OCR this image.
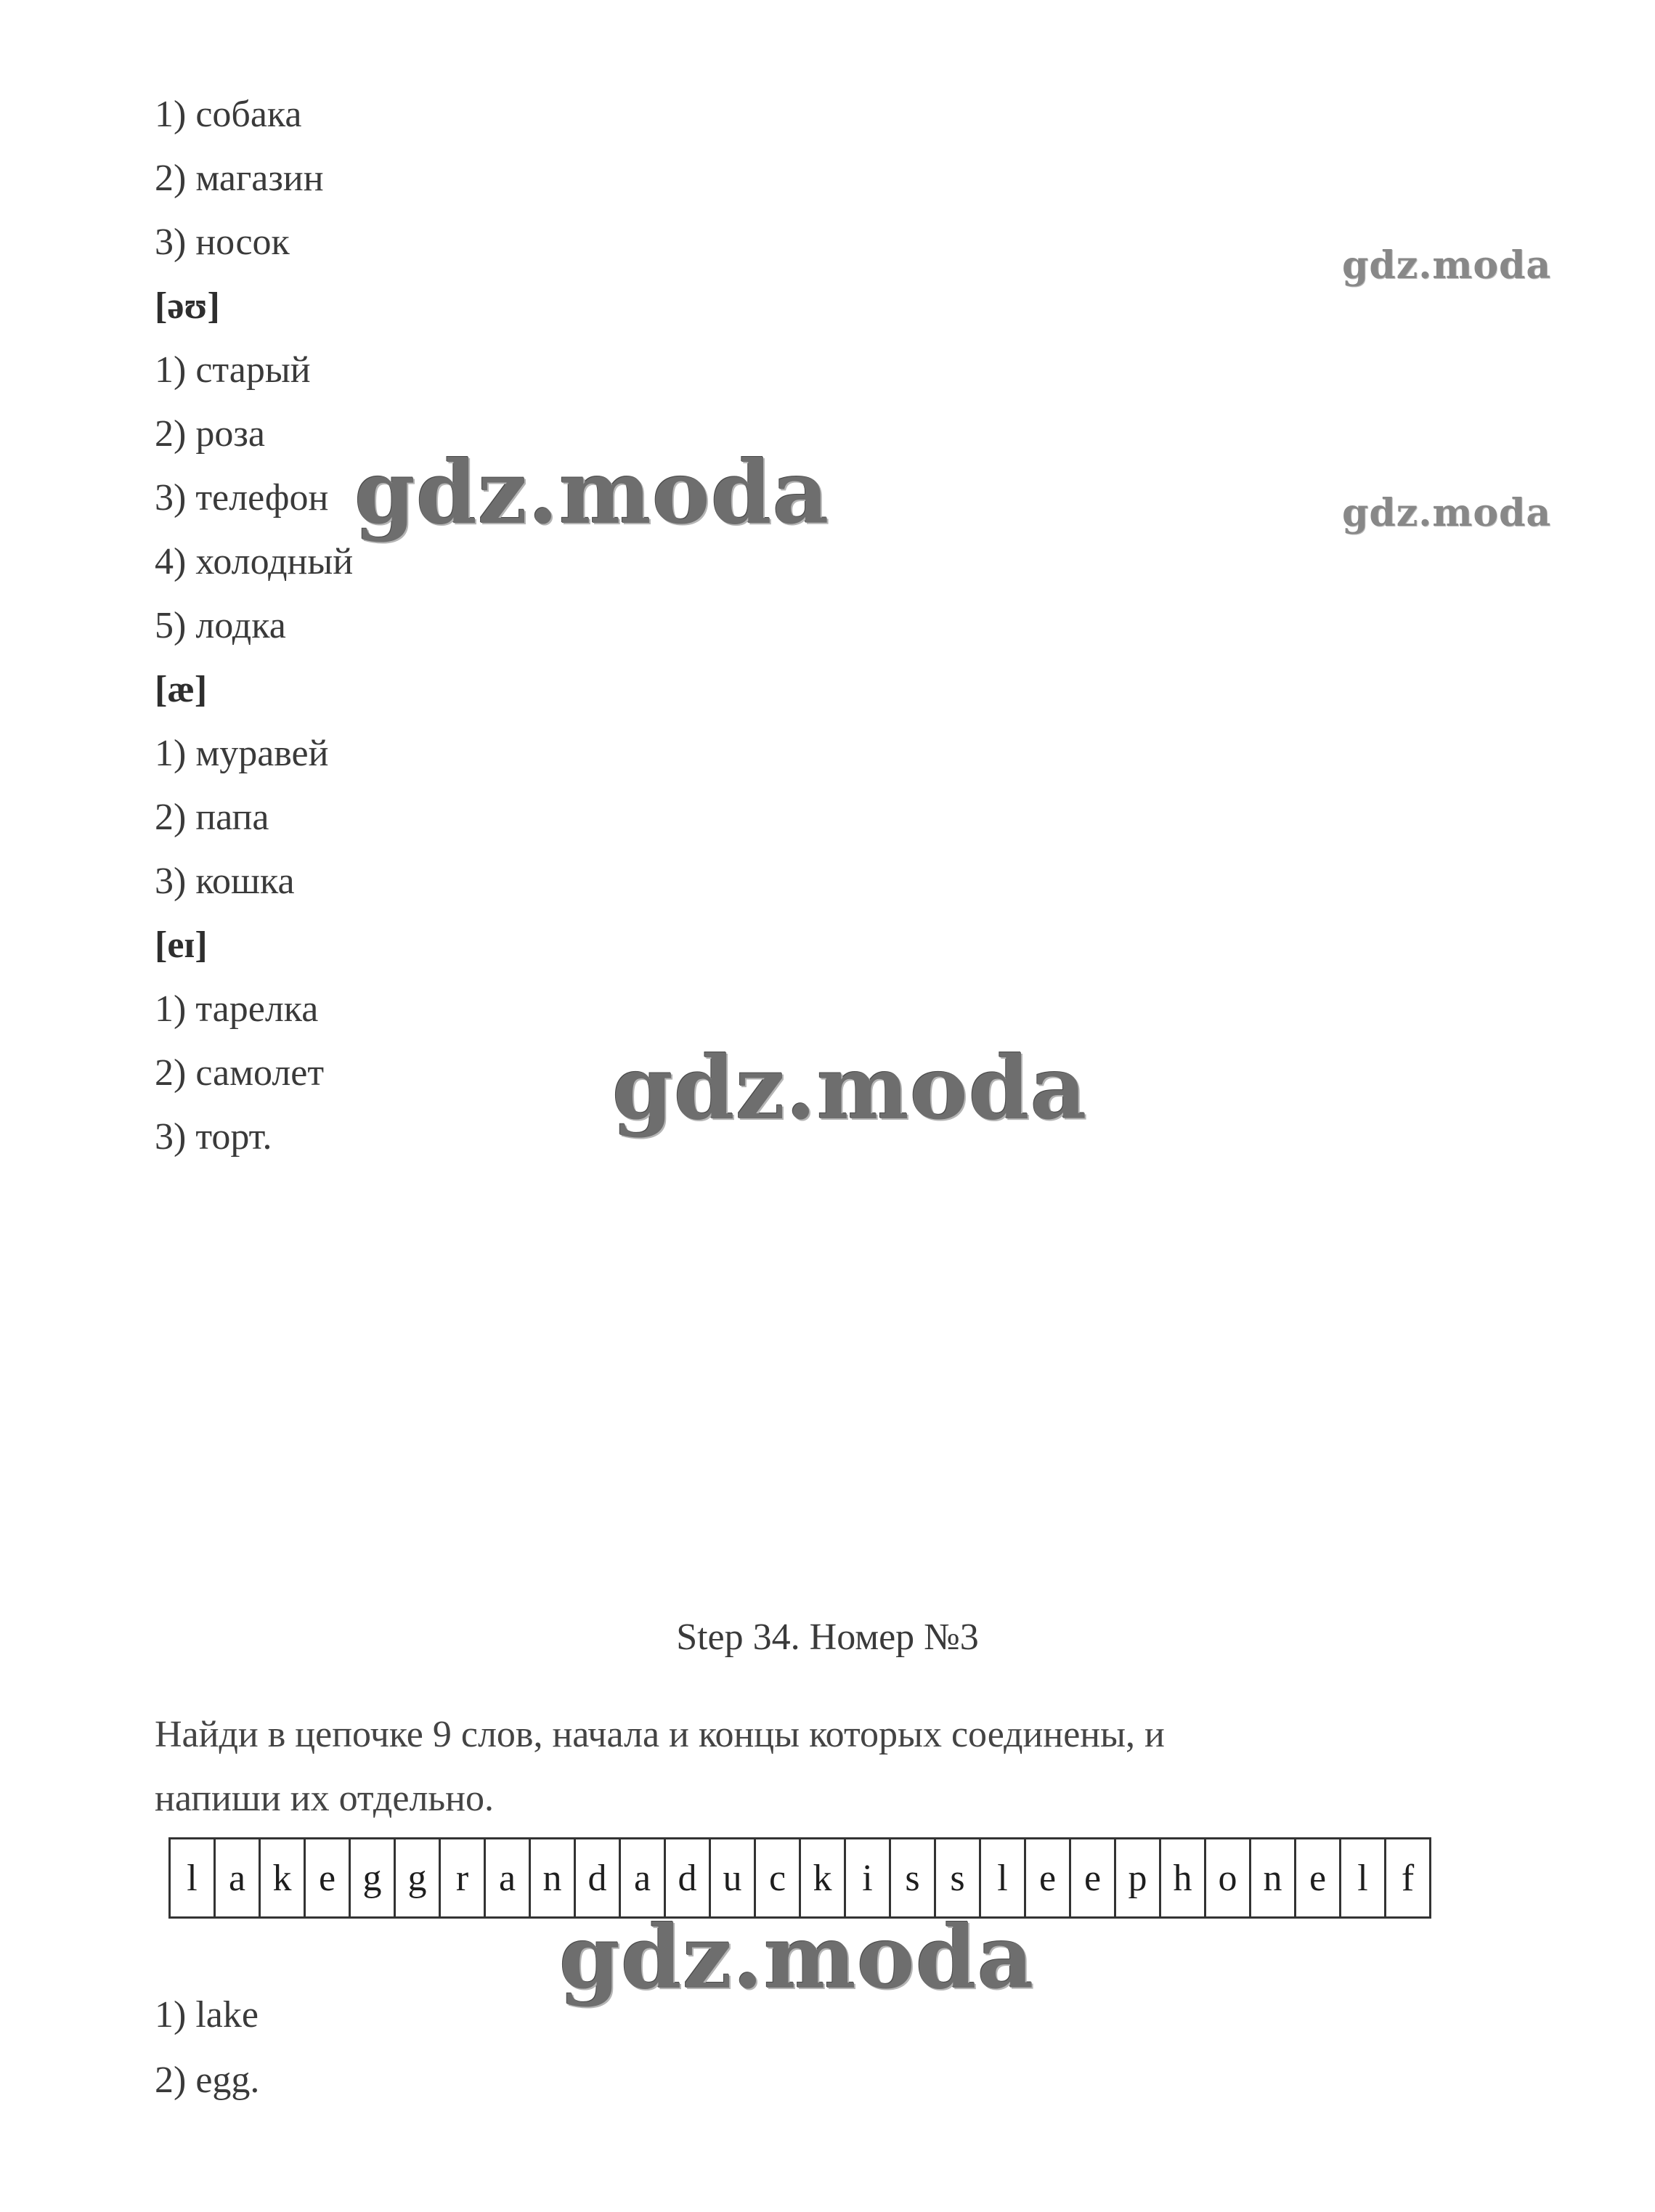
1) собака
2) магазин
3) носок
[əʊ]
1) старый
2) роза
3) телефон
4) холодный
5) лодка
[æ]
1) муравей
2) папа
3) кошка
[eɪ]
1) тарелка
2) самолет
3) торт.
Step 34. Номер №3
Найди в цепочке 9 слов, начала и концы которых соединены, и
напиши их отдельно.
l a k e g g r a n d a d u c k i s s l e e p h o n e l f
1) lake
2) egg.
gdz.moda
gdz.moda
gdz.moda
gdz.moda
gdz.moda
